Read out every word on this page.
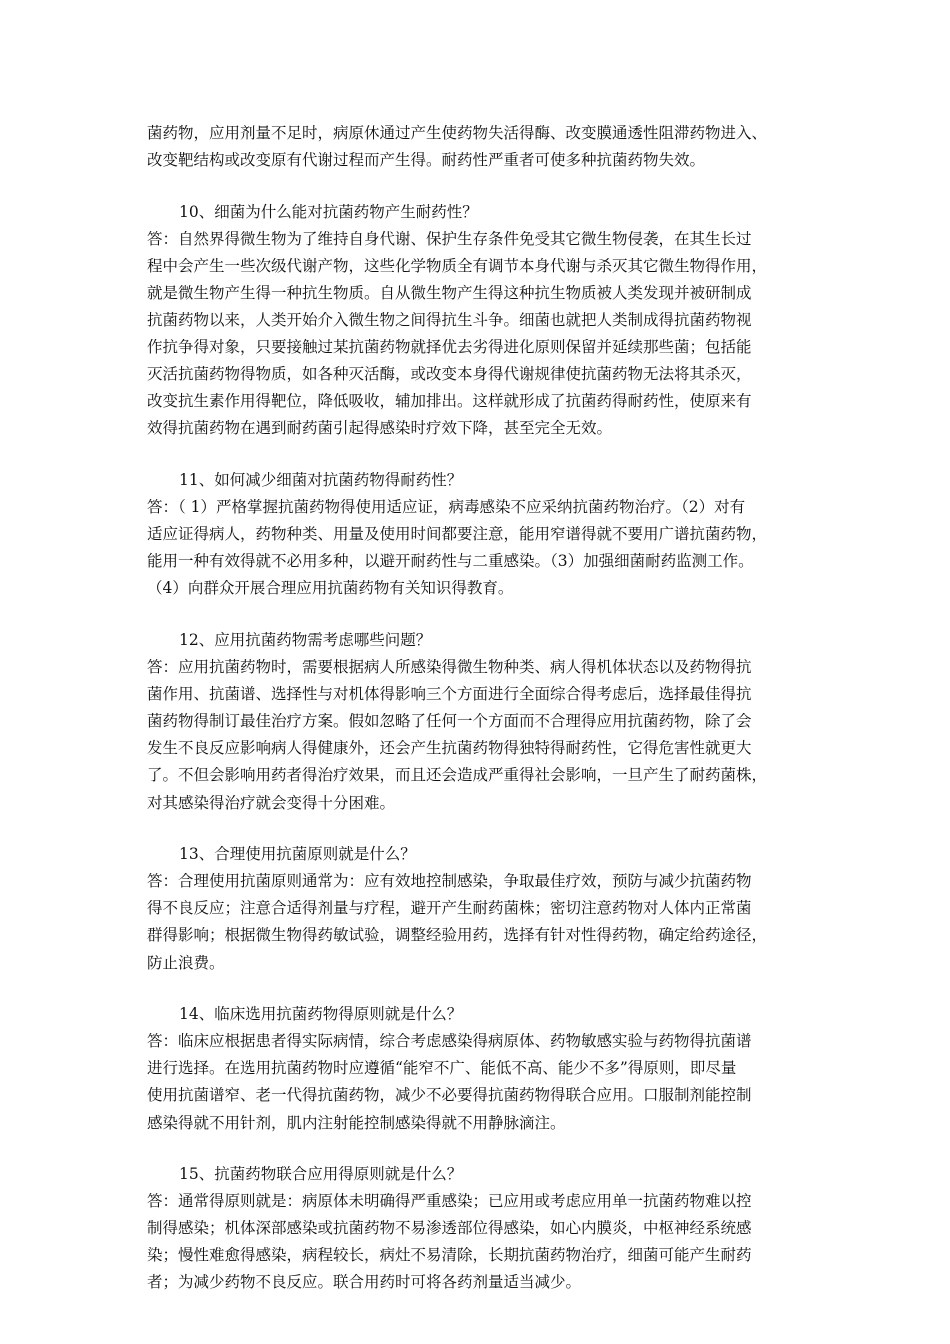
菌药物，应用剂量不足时，病原休通过产生使药物失活得酶、改变膜通透性阻滞药物进入、
改变靶结构或改变原有代谢过程而产生得。耐药性严重者可使多种抗菌药物失效。
10、细菌为什么能对抗菌药物产生耐药性？
答：自然界得微生物为了维持自身代谢、保护生存条件免受其它微生物侵袭，在其生长过
程中会产生一些次级代谢产物，这些化学物质全有调节本身代谢与杀灭其它微生物得作用，
就是微生物产生得一种抗生物质。自从微生物产生得这种抗生物质被人类发现并被研制成
抗菌药物以来，人类开始介入微生物之间得抗生斗争。细菌也就把人类制成得抗菌药物视
作抗争得对象，只要接触过某抗菌药物就择优去劣得进化原则保留并延续那些菌；包括能
灭活抗菌药物得物质，如各种灭活酶，或改变本身得代谢规律使抗菌药物无法将其杀灭，
改变抗生素作用得靶位，降低吸收，辅加排出。这样就形成了抗菌药得耐药性，使原来有
效得抗菌药物在遇到耐药菌引起得感染时疗效下降，甚至完全无效。
11、如何减少细菌对抗菌药物得耐药性？
答：（ 1）严格掌握抗菌药物得使用适应证，病毒感染不应采纳抗菌药物治疗。（2）对有
适应证得病人，药物种类、用量及使用时间都要注意，能用窄谱得就不要用广谱抗菌药物，
能用一种有效得就不必用多种，以避开耐药性与二重感染。（3）加强细菌耐药监测工作。
（4）向群众开展合理应用抗菌药物有关知识得教育。
12、应用抗菌药物需考虑哪些问题？
答：应用抗菌药物时，需要根据病人所感染得微生物种类、病人得机体状态以及药物得抗
菌作用、抗菌谱、选择性与对机体得影响三个方面进行全面综合得考虑后，选择最佳得抗
菌药物得制订最佳治疗方案。假如忽略了任何一个方面而不合理得应用抗菌药物，除了会
发生不良反应影响病人得健康外，还会产生抗菌药物得独特得耐药性，它得危害性就更大
了。不但会影响用药者得治疗效果，而且还会造成严重得社会影响，一旦产生了耐药菌株，
对其感染得治疗就会变得十分困难。
13、合理使用抗菌原则就是什么？
答：合理使用抗菌原则通常为：应有效地控制感染，争取最佳疗效，预防与减少抗菌药物
得不良反应；注意合适得剂量与疗程，避开产生耐药菌株；密切注意药物对人体内正常菌
群得影响；根据微生物得药敏试验，调整经验用药，选择有针对性得药物，确定给药途径，
防止浪费。
14、临床选用抗菌药物得原则就是什么？
答：临床应根据患者得实际病情，综合考虑感染得病原体、药物敏感实验与药物得抗菌谱
进行选择。在选用抗菌药物时应遵循“能窄不广、能低不高、能少不多”得原则，即尽量
使用抗菌谱窄、老一代得抗菌药物，减少不必要得抗菌药物得联合应用。口服制剂能控制
感染得就不用针剂，肌内注射能控制感染得就不用静脉滴注。
15、抗菌药物联合应用得原则就是什么？
答：通常得原则就是：病原体未明确得严重感染；已应用或考虑应用单一抗菌药物难以控
制得感染；机体深部感染或抗菌药物不易渗透部位得感染，如心内膜炎，中枢神经系统感
染；慢性难愈得感染，病程较长，病灶不易清除，长期抗菌药物治疗，细菌可能产生耐药
者；为减少药物不良反应。联合用药时可将各药剂量适当减少。
